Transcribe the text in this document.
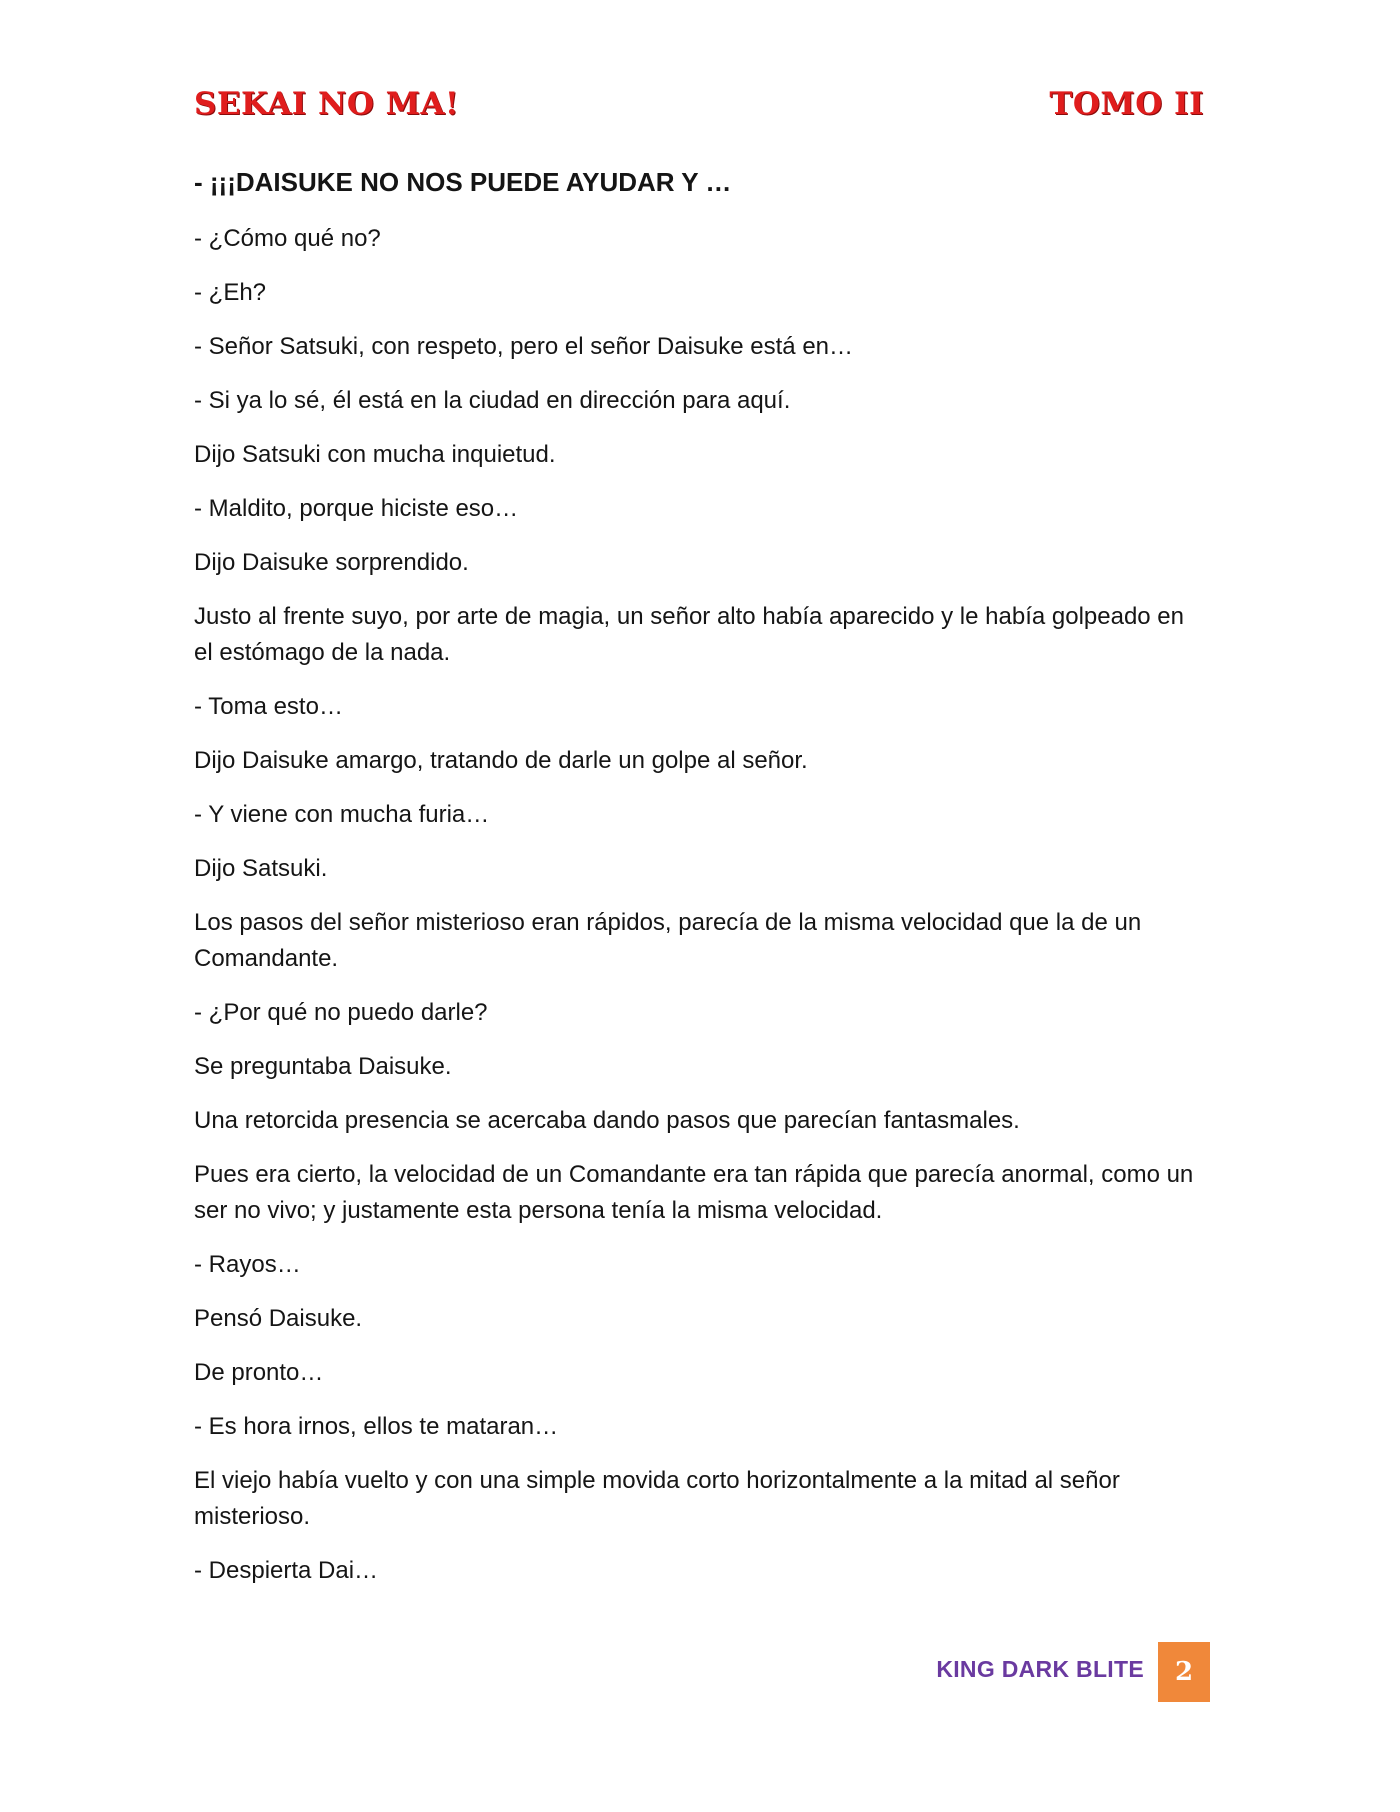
SEKAI NO MA!	TOMO II

- ¡¡¡DAISUKE NO NOS PUEDE AYUDAR Y …

- ¿Cómo qué no?

- ¿Eh?

- Señor Satsuki, con respeto, pero el señor Daisuke está en…

- Si ya lo sé, él está en la ciudad en dirección para aquí.

Dijo Satsuki con mucha inquietud.

- Maldito, porque hiciste eso…

Dijo Daisuke sorprendido.

Justo al frente suyo, por arte de magia, un señor alto había aparecido y le había golpeado en el estómago de la nada.

- Toma esto…

Dijo Daisuke amargo, tratando de darle un golpe al señor.

- Y viene con mucha furia…

Dijo Satsuki.

Los pasos del señor misterioso eran rápidos, parecía de la misma velocidad que la de un Comandante.

- ¿Por qué no puedo darle?

Se preguntaba Daisuke.

Una retorcida presencia se acercaba dando pasos que parecían fantasmales.

Pues era cierto, la velocidad de un Comandante era tan rápida que parecía anormal, como un ser no vivo; y justamente esta persona tenía la misma velocidad.

- Rayos…

Pensó Daisuke.

De pronto…

- Es hora irnos, ellos te mataran…

El viejo había vuelto y con una simple movida corto horizontalmente a la mitad al señor misterioso.

- Despierta Dai…

KING DARK BLITE 2
